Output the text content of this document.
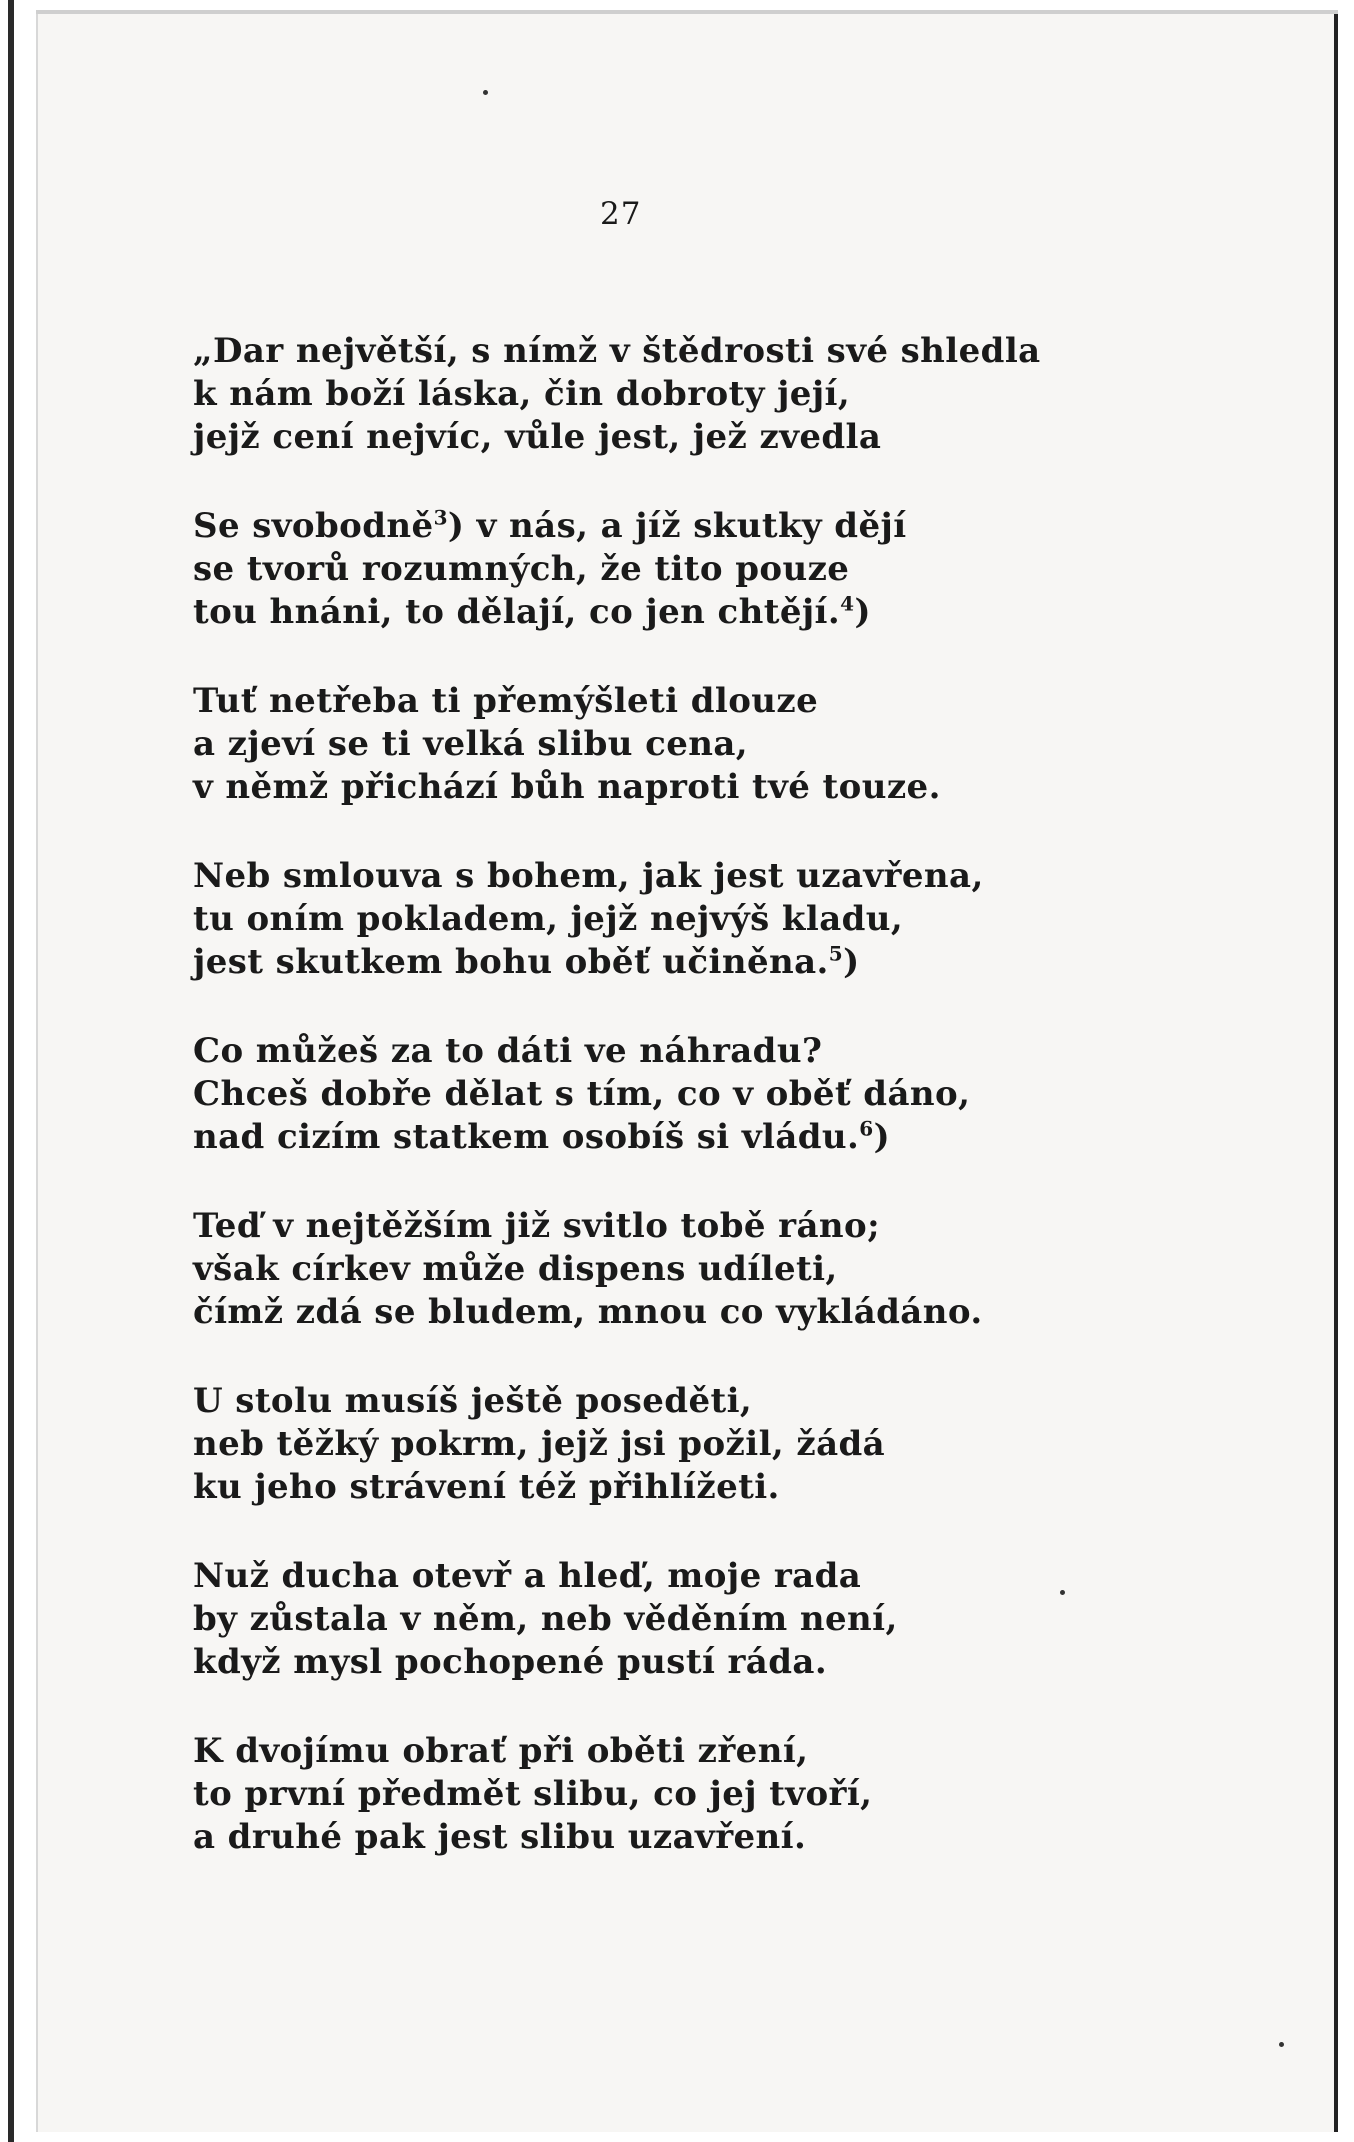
27
„Dar největší, s nímž v štědrosti své shledla
k nám boží láska, čin dobroty její,
jejž cení nejvíc, vůle jest, jež zvedla
Se svobodně$^3$) v nás, a jíž skutky dějí
se tvorů rozumných, že tito pouze
tou hnáni, to dělají, co jen chtějí.$^4$)
Tuť netřeba ti přemýšleti dlouze
a zjeví se ti velká slibu cena,
v němž přichází bůh naproti tvé touze.
Neb smlouva s bohem, jak jest uzavřena,
tu oním pokladem, jejž nejvýš kladu,
jest skutkem bohu oběť učiněna.$^5$)
Co můžeš za to dáti ve náhradu?
Chceš dobře dělat s tím, co v oběť dáno,
nad cizím statkem osobíš si vládu.$^6$)
Teď v nejtěžším již svitlo tobě ráno;
však církev může dispens udíleti,
čímž zdá se bludem, mnou co vykládáno.
U stolu musíš ještě poseděti,
neb těžký pokrm, jejž jsi požil, žádá
ku jeho strávení též přihlížeti.
Nuž ducha otevř a hleď, moje rada
by zůstala v něm, neb věděním není,
když mysl pochopené pustí ráda.
K dvojímu obrať při oběti zření,
to první předmět slibu, co jej tvoří,
a druhé pak jest slibu uzavření.
